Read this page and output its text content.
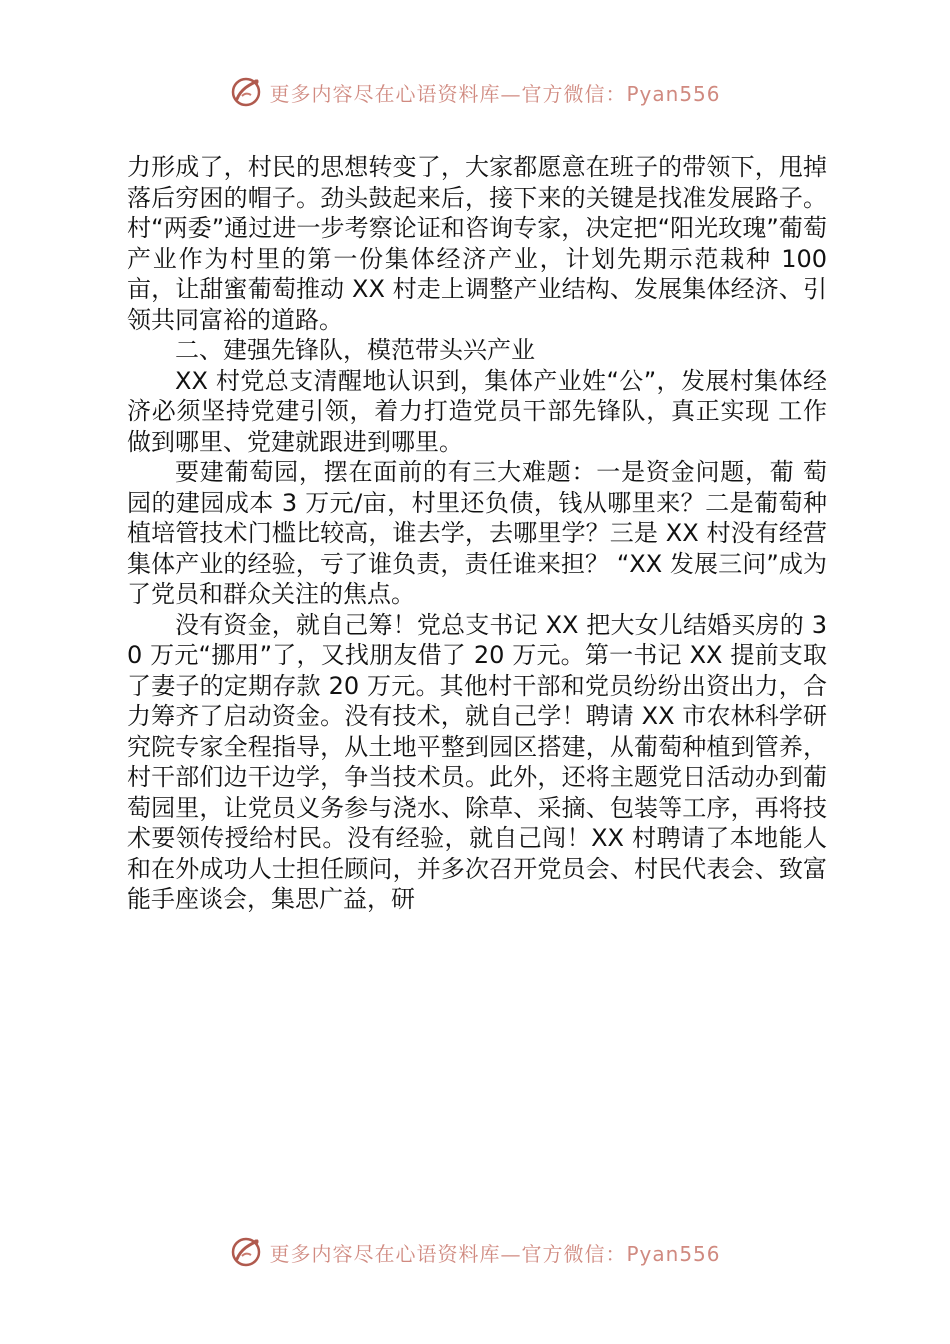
更多内容尽在心语资料库—官方微信：Pyan556

力形成了，村民的思想转变了，大家都愿意在班子的带领下，甩掉落后穷困的帽子。劲头鼓起来后，接下来的关键是找准发展路子。村“两委”通过进一步考察论证和咨询专家，决定把“阳光玫瑰”葡萄产业作为村里的第一份集体经济产业，计划先期示范栽种 100 亩，让甜蜜葡萄推动 XX 村走上调整产业结构、发展集体经济、引领共同富裕的道路。

二、建强先锋队，模范带头兴产业

XX 村党总支清醒地认识到，集体产业姓“公”，发展村集体经济必须坚持党建引领，着力打造党员干部先锋队，真正实现 工作做到哪里、党建就跟进到哪里。

要建葡萄园，摆在面前的有三大难题：一是资金问题，葡 萄园的建园成本 3 万元/亩，村里还负债，钱从哪里来？二是葡萄种植培管技术门槛比较高，谁去学，去哪里学？三是 XX 村没有经营集体产业的经验，亏了谁负责，责任谁来担？ “XX 发展三问”成为了党员和群众关注的焦点。

没有资金，就自己筹！党总支书记 XX 把大女儿结婚买房的 30 万元“挪用”了，又找朋友借了 20 万元。第一书记 XX 提前支取了妻子的定期存款 20 万元。其他村干部和党员纷纷出资出力，合力筹齐了启动资金。没有技术，就自己学！聘请 XX 市农林科学研究院专家全程指导，从土地平整到园区搭建，从葡萄种植到管养，村干部们边干边学，争当技术员。此外，还将主题党日活动办到葡萄园里，让党员义务参与浇水、除草、采摘、包装等工序，再将技术要领传授给村民。没有经验，就自己闯！XX 村聘请了本地能人和在外成功人士担任顾问，并多次召开党员会、村民代表会、致富能手座谈会，集思广益，研

更多内容尽在心语资料库—官方微信：Pyan556
